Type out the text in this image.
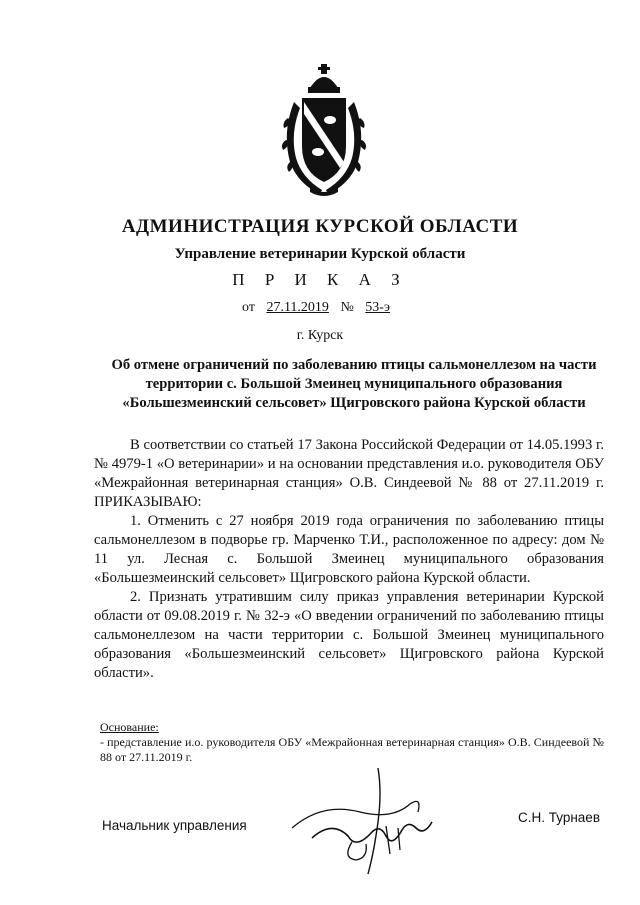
АДМИНИСТРАЦИЯ КУРСКОЙ ОБЛАСТИ
Управление ветеринарии Курской области
П Р И К А З
от 27.11.2019 № 53-э
г. Курск
Об отмене ограничений по заболеванию птицы сальмонеллезом на части территории с. Большой Змеинец муниципального образования «Большезмеинский сельсовет» Щигровского района Курской области

В соответствии со статьей 17 Закона Российской Федерации от 14.05.1993 г. № 4979-1 «О ветеринарии» и на основании представления и.о. руководителя ОБУ «Межрайонная ветеринарная станция» О.В. Синдеевой № 88 от 27.11.2019 г. ПРИКАЗЫВАЮ:

1. Отменить с 27 ноября 2019 года ограничения по заболеванию птицы сальмонеллезом в подворье гр. Марченко Т.И., расположенное по адресу: дом № 11 ул. Лесная с. Большой Змеинец муниципального образования «Большезмеинский сельсовет» Щигровского района Курской области.

2. Признать утратившим силу приказ управления ветеринарии Курской области от 09.08.2019 г. № 32-э «О введении ограничений по заболеванию птицы сальмонеллезом на части территории с. Большой Змеинец муниципального образования «Большезмеинский сельсовет» Щигровского района Курской области».

Основание:
- представление и.о. руководителя ОБУ «Межрайонная ветеринарная станция» О.В. Синдеевой № 88 от 27.11.2019 г.
Начальник управления
С.Н. Турнаев
